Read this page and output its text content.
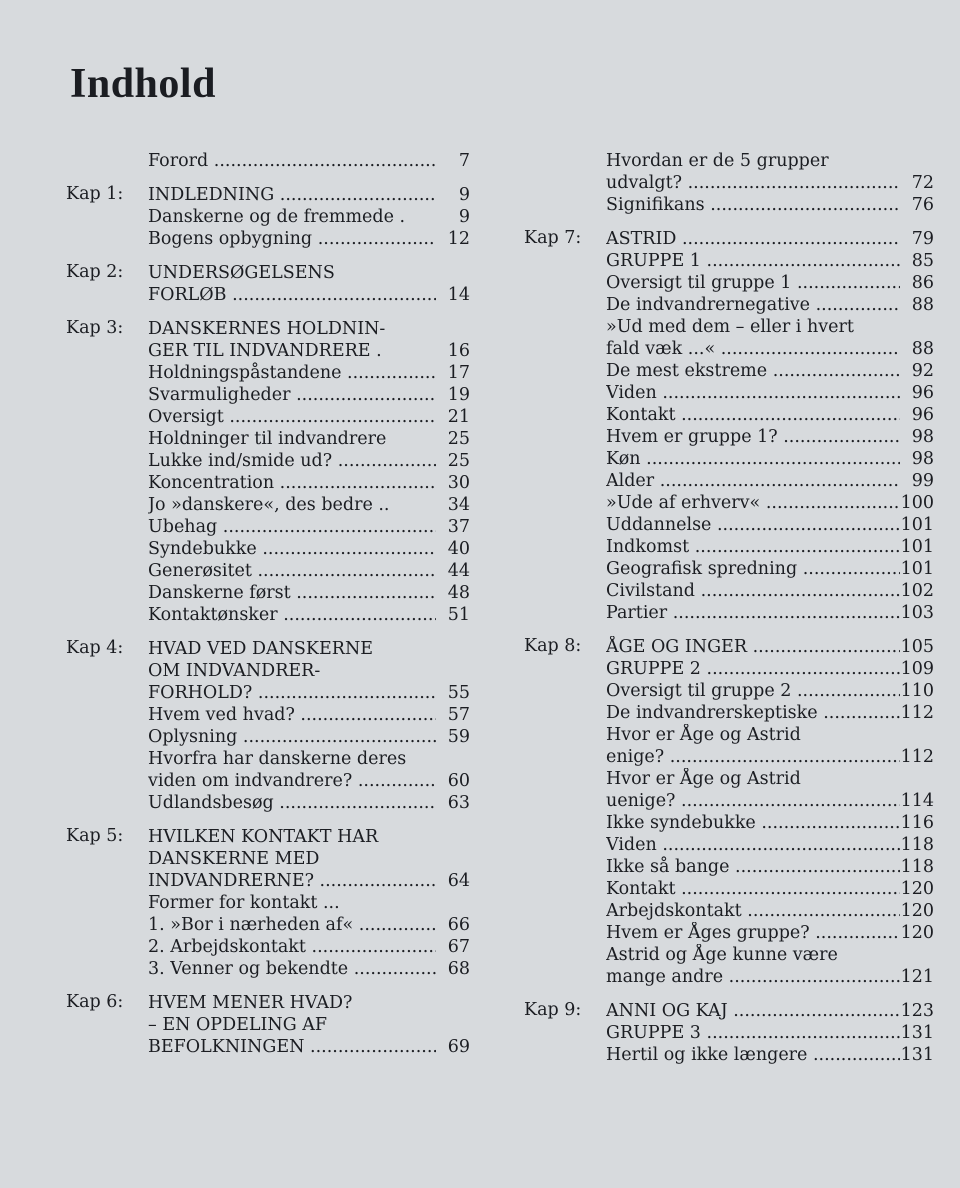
Indhold
Forord .....	7
Kap 1:	INDLEDNING .....	9
Danskerne og de fremmede .	9
Bogens opbygning .....	12
Kap 2:	UNDERSØGELSENS
FORLØB .....	14
Kap 3:	DANSKERNES HOLDNIN-
GER TIL INDVANDRERE .	16
Holdningspåstandene .....	17
Svarmuligheder .....	19
Oversigt .....	21
Holdninger til indvandrere	25
Lukke ind/smide ud? .....	25
Koncentration .....	30
Jo »danskere«, des bedre ..	34
Ubehag .....	37
Syndebukke .....	40
Generøsitet .....	44
Danskerne først .....	48
Kontaktønsker .....	51
Kap 4:	HVAD VED DANSKERNE
OM INDVANDRER-
FORHOLD? .....	55
Hvem ved hvad? .....	57
Oplysning .....	59
Hvorfra har danskerne deres
viden om indvandrere? .....	60
Udlandsbesøg .....	63
Kap 5:	HVILKEN KONTAKT HAR
DANSKERNE MED
INDVANDRERNE? .....	64
Former for kontakt ...
1. »Bor i nærheden af« .....	66
2. Arbejdskontakt .....	67
3. Venner og bekendte .....	68
Kap 6:	HVEM MENER HVAD?
– EN OPDELING AF
BEFOLKNINGEN .....	69
Hvordan er de 5 grupper
udvalgt? .....	72
Signifikans .....	76
Kap 7:	ASTRID .....	79
GRUPPE 1 .....	85
Oversigt til gruppe 1 .....	86
De indvandrernegative .....	88
»Ud med dem – eller i hvert
fald væk ...« .....	88
De mest ekstreme .....	92
Viden .....	96
Kontakt .....	96
Hvem er gruppe 1? .....	98
Køn .....	98
Alder .....	99
»Ude af erhverv« .....	100
Uddannelse .....	101
Indkomst .....	101
Geografisk spredning .....	101
Civilstand .....	102
Partier .....	103
Kap 8:	ÅGE OG INGER .....	105
GRUPPE 2 .....	109
Oversigt til gruppe 2 .....	110
De indvandrerskeptiske .....	112
Hvor er Åge og Astrid
enige? .....	112
Hvor er Åge og Astrid
uenige? .....	114
Ikke syndebukke .....	116
Viden .....	118
Ikke så bange .....	118
Kontakt .....	120
Arbejdskontakt .....	120
Hvem er Åges gruppe? .....	120
Astrid og Åge kunne være
mange andre .....	121
Kap 9:	ANNI OG KAJ .....	123
GRUPPE 3 .....	131
Hertil og ikke længere .....	131
